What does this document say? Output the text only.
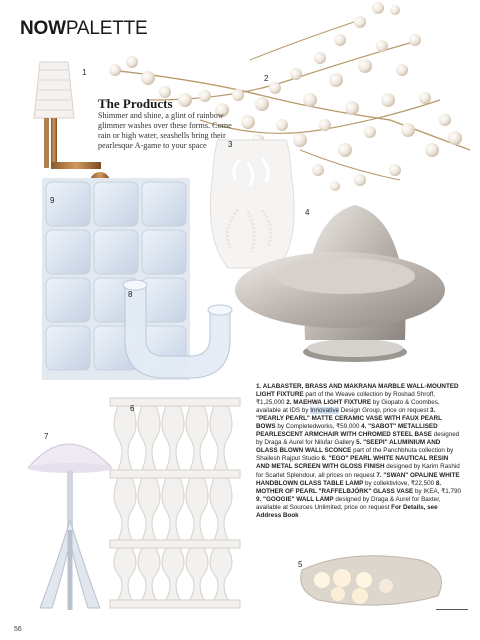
NOWPALETTE
1
2
3
4
5
6
7
8
9
The Products
Shimmer and shine, a glint of rainbow glimmer washes over these forms. Come rain or high water, seashells bring their pearlesque A-game to your space
1. ALABASTER, BRASS AND MAKRANA MARBLE WALL-MOUNTED LIGHT FIXTURE part of the Weave collection by Roshad Shroff, ₹1,25,000 2. MAEHWA LIGHT FIXTURE by Giopato & Coombes, available at IDS by Innovative Design Group, price on request 3. "PEARLY PEARL" MATTE CERAMIC VASE WITH FAUX PEARL BOWS by Completedworks, ₹59,000 4. "SABOT" METALLISED PEARLESCENT ARMCHAIR WITH CHROMED STEEL BASE designed by Draga & Aurel for Nilufar Gallery 5. "SEEPI" ALUMINIUM AND GLASS BLOWN WALL SCONCE part of the Panchbhuta collection by Shailesh Rajput Studio 6. "EGO" PEARL WHITE NAUTICAL RESIN AND METAL SCREEN WITH GLOSS FINISH designed by Karim Rashid for Scarlet Splendour, all prices on request 7. "SWAN" OPALINE WHITE HANDBLOWN GLASS TABLE LAMP by collektivlove, ₹22,500 8. MOTHER OF PEARL "RAFFELBJÖRK" GLASS VASE by IKEA, ₹1,790 9. "GOOGIE" WALL LAMP designed by Draga & Aurel for Baxter, available at Sources Unlimited, price on request For Details, see Address Book
56
